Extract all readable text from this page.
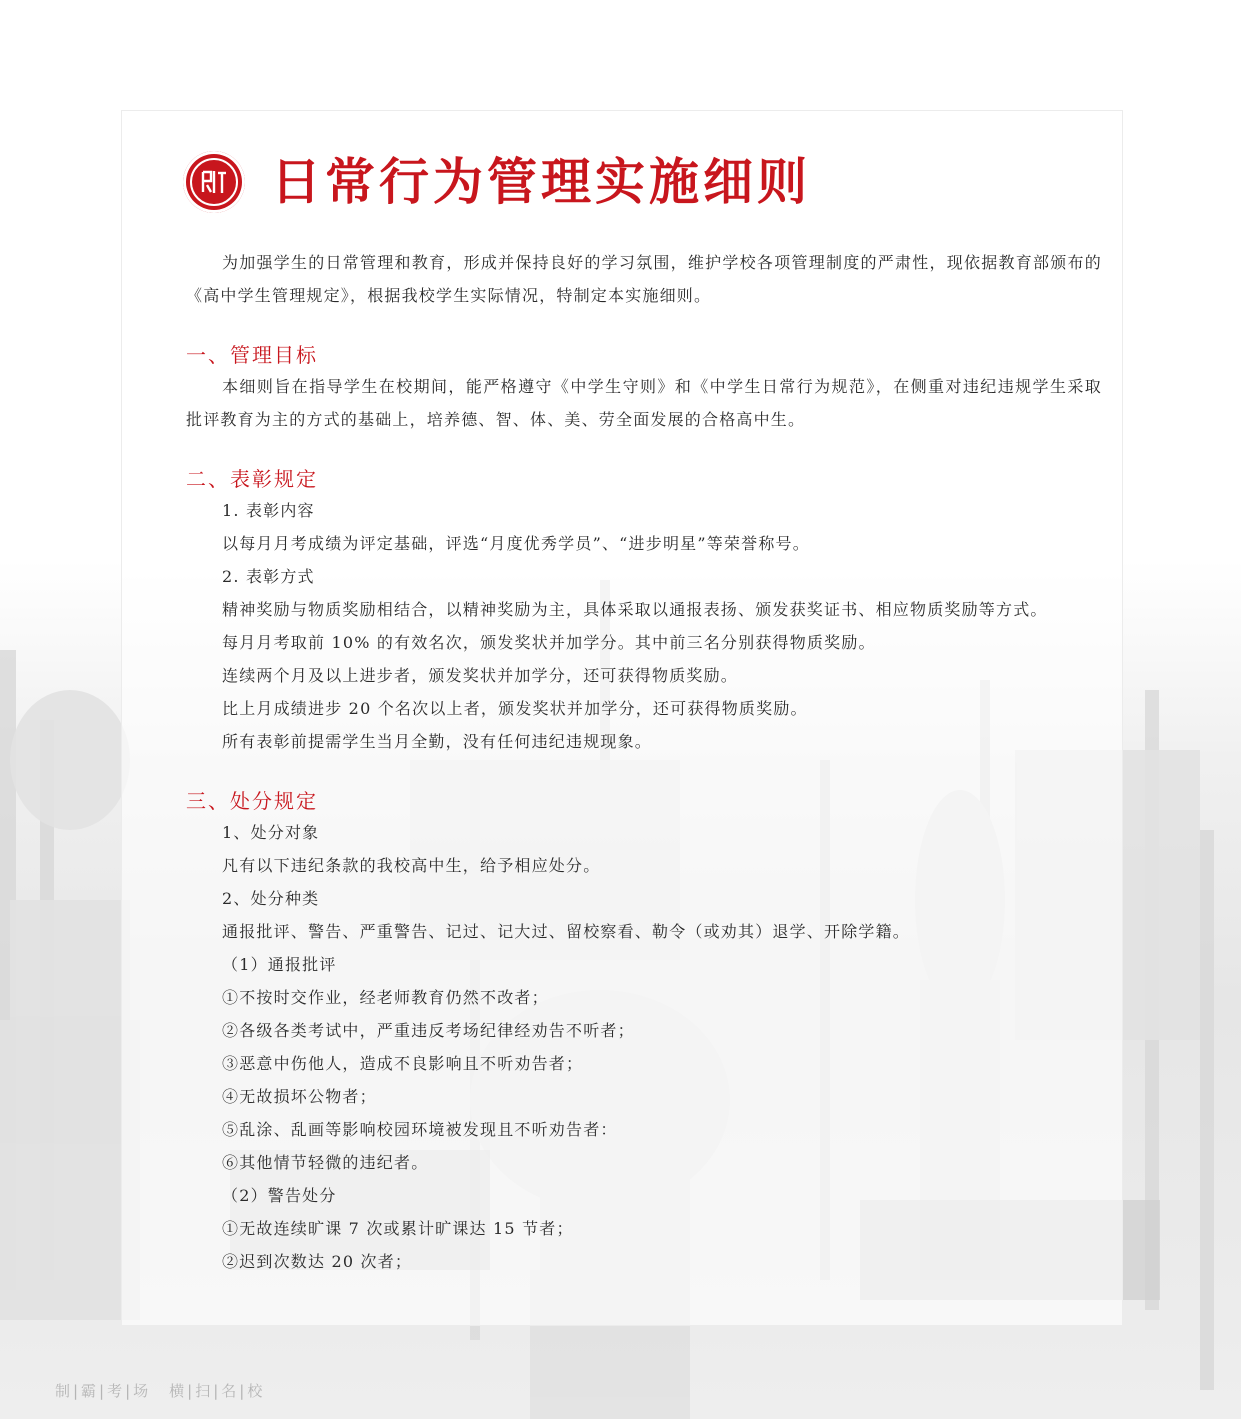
日常行为管理实施细则

为加强学生的日常管理和教育，形成并保持良好的学习氛围，维护学校各项管理制度的严肃性，现依据教育部颁布的《高中学生管理规定》，根据我校学生实际情况，特制定本实施细则。

一、管理目标

本细则旨在指导学生在校期间，能严格遵守《中学生守则》和《中学生日常行为规范》，在侧重对违纪违规学生采取批评教育为主的方式的基础上，培养德、智、体、美、劳全面发展的合格高中生。

二、表彰规定

1. 表彰内容

以每月月考成绩为评定基础，评选“月度优秀学员”、“进步明星”等荣誉称号。

2. 表彰方式

精神奖励与物质奖励相结合，以精神奖励为主，具体采取以通报表扬、颁发获奖证书、相应物质奖励等方式。

每月月考取前 10% 的有效名次，颁发奖状并加学分。其中前三名分别获得物质奖励。

连续两个月及以上进步者，颁发奖状并加学分，还可获得物质奖励。

比上月成绩进步 20 个名次以上者，颁发奖状并加学分，还可获得物质奖励。

所有表彰前提需学生当月全勤，没有任何违纪违规现象。

三、处分规定

1、处分对象

凡有以下违纪条款的我校高中生，给予相应处分。

2、处分种类

通报批评、警告、严重警告、记过、记大过、留校察看、勒令（或劝其）退学、开除学籍。

（1）通报批评

①不按时交作业，经老师教育仍然不改者；

②各级各类考试中，严重违反考场纪律经劝告不听者；

③恶意中伤他人，造成不良影响且不听劝告者；

④无故损坏公物者；

⑤乱涂、乱画等影响校园环境被发现且不听劝告者：

⑥其他情节轻微的违纪者。

（2）警告处分

①无故连续旷课 7 次或累计旷课达 15 节者；

②迟到次数达 20 次者；

制|霸|考|场　横|扫|名|校
